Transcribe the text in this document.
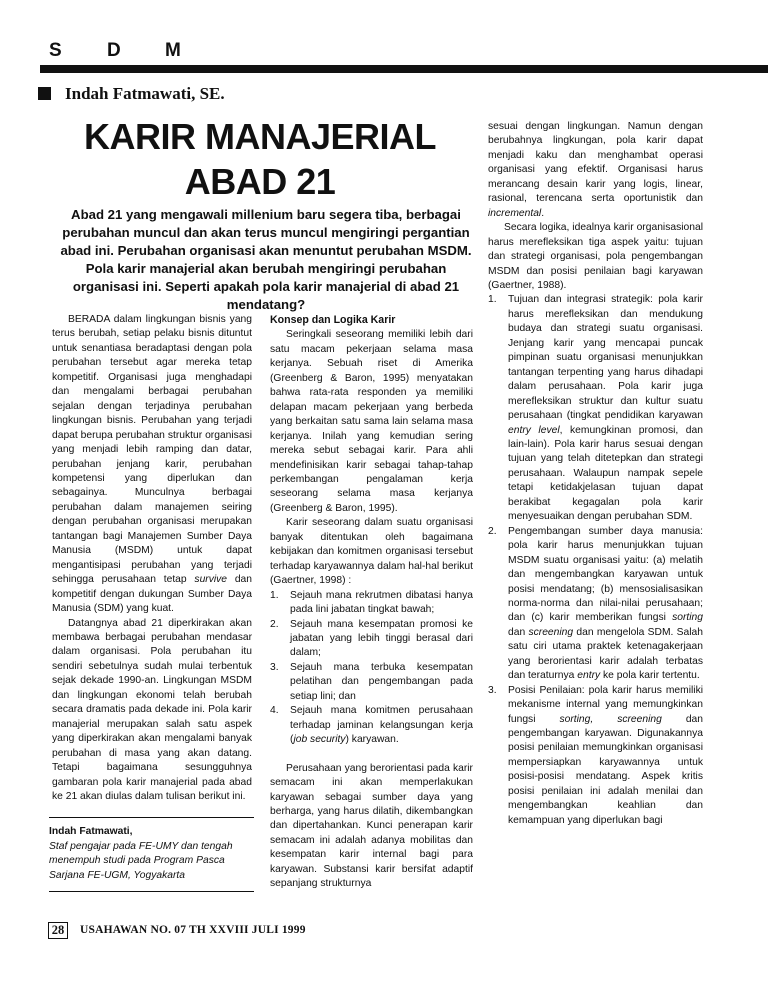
S D M
Indah Fatmawati, SE.
KARIR MANAJERIAL
ABAD 21
Abad 21 yang mengawali millenium baru segera tiba, berbagai perubahan muncul dan akan terus muncul mengiringi pergantian abad ini. Perubahan organisasi akan menuntut perubahan MSDM. Pola karir manajerial akan berubah mengiringi perubahan organisasi ini. Seperti apakah pola karir manajerial di abad 21 mendatang?

BERADA dalam lingkungan bisnis yang terus berubah, setiap pelaku bisnis dituntut untuk senantiasa beradaptasi dengan pola perubahan tersebut agar mereka tetap kompetitif. Organisasi juga menghadapi dan mengalami berbagai perubahan sejalan dengan terjadinya perubahan lingkungan bisnis. Perubahan yang terjadi dapat berupa perubahan struktur organisasi yang menjadi lebih ramping dan datar, perubahan jenjang karir, perubahan kompetensi yang diperlukan dan sebagainya. Munculnya berbagai perubahan dalam manajemen seiring dengan perubahan organisasi merupakan tantangan bagi Manajemen Sumber Daya Manusia (MSDM) untuk dapat mengantisipasi perubahan yang terjadi sehingga perusahaan tetap survive dan kompetitif dengan dukungan Sumber Daya Manusia (SDM) yang kuat.

Datangnya abad 21 diperkirakan akan membawa berbagai perubahan mendasar dalam organisasi. Pola perubahan itu sendiri sebetulnya sudah mulai terbentuk sejak dekade 1990-an. Lingkungan MSDM dan lingkungan ekonomi telah berubah secara dramatis pada dekade ini. Pola karir manajerial merupakan salah satu aspek yang diperkirakan akan mengalami banyak perubahan di masa yang akan datang. Tetapi bagaimana sesungguhnya gambaran pola karir manajerial pada abad ke 21 akan diulas dalam tulisan berikut ini.

Indah Fatmawati,
Staf pengajar pada FE-UMY dan tengah menempuh studi pada Program Pasca Sarjana FE-UGM, Yogyakarta

Konsep dan Logika Karir

Seringkali seseorang memiliki lebih dari satu macam pekerjaan selama masa kerjanya. Sebuah riset di Amerika (Greenberg & Baron, 1995) menyatakan bahwa rata-rata responden ya memiliki delapan macam pekerjaan yang berbeda yang berkaitan satu sama lain selama masa kerjanya. Inilah yang kemudian sering mereka sebut sebagai karir. Para ahli mendefinisikan karir sebagai tahap-tahap perkembangan pengalaman kerja seseorang selama masa kerjanya (Greenberg & Baron, 1995).

Karir seseorang dalam suatu organisasi banyak ditentukan oleh bagaimana kebijakan dan komitmen organisasi tersebut terhadap karyawannya dalam hal-hal berikut (Gaertner, 1998) :

1. Sejauh mana rekrutmen dibatasi hanya pada lini jabatan tingkat bawah;
2. Sejauh mana kesempatan promosi ke jabatan yang lebih tinggi berasal dari dalam;
3. Sejauh mana terbuka kesempatan pelatihan dan pengembangan pada setiap lini; dan
4. Sejauh mana komitmen perusahaan terhadap jaminan kelangsungan kerja (job security) karyawan.

Perusahaan yang berorientasi pada karir semacam ini akan memperlakukan karyawan sebagai sumber daya yang berharga, yang harus dilatih, dikembangkan dan dipertahankan. Kunci penerapan karir semacam ini adalah adanya mobilitas dan kesempatan karir internal bagi para karyawan. Substansi karir bersifat adaptif sepanjang strukturnya

sesuai dengan lingkungan. Namun dengan berubahnya lingkungan, pola karir dapat menjadi kaku dan menghambat operasi organisasi yang efektif. Organisasi harus merancang desain karir yang logis, linear, rasional, terencana serta oportunistik dan incremental.

Secara logika, idealnya karir organisasional harus merefleksikan tiga aspek yaitu: tujuan dan strategi organisasi, pola pengembangan MSDM dan posisi penilaian bagi karyawan (Gaertner, 1988).

1. Tujuan dan integrasi strategik: pola karir harus merefleksikan dan mendukung budaya dan strategi suatu organisasi. Jenjang karir yang mencapai puncak pimpinan suatu organisasi menunjukkan tantangan terpenting yang harus dihadapi dalam perusahaan. Pola karir juga merefleksikan struktur dan kultur suatu perusahaan (tingkat pendidikan karyawan entry level, kemungkinan promosi, dan lain-lain). Pola karir harus sesuai dengan tujuan yang telah ditetepkan dan strategi perusahaan. Walaupun nampak sepele tetapi ketidakjelasan tujuan dapat berakibat kegagalan pola karir menyesuaikan dengan perubahan SDM.
2. Pengembangan sumber daya manusia: pola karir harus menunjukkan tujuan MSDM suatu organisasi yaitu: (a) melatih dan mengembangkan karyawan untuk posisi mendatang; (b) mensosialisasikan norma-norma dan nilai-nilai perusahaan; dan (c) karir memberikan fungsi sorting dan screening dan mengelola SDM. Salah satu ciri utama praktek ketenagakerjaan yang berorientasi karir adalah terbatas dan teraturnya entry ke pola karir tertentu.
3. Posisi Penilaian: pola karir harus memiliki mekanisme internal yang memungkinkan fungsi sorting, screening dan pengembangan karyawan. Digunakannya posisi penilaian memungkinkan organisasi mempersiapkan karyawannya untuk posisi-posisi mendatang. Aspek kritis posisi penilaian ini adalah menilai dan mengembangkan keahlian dan kemampuan yang diperlukan bagi
28	USAHAWAN NO. 07 TH XXVIII JULI 1999
